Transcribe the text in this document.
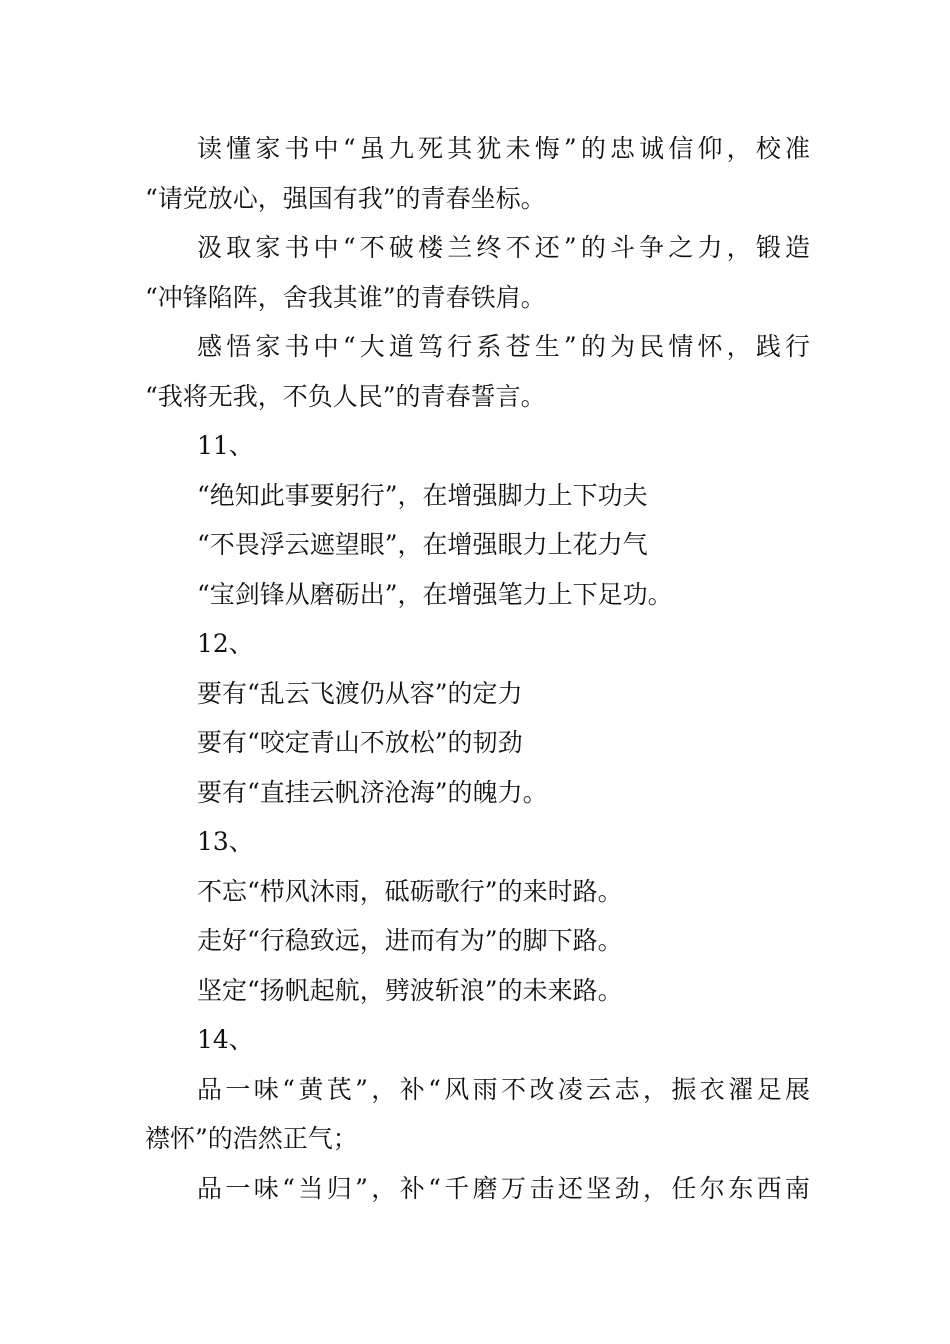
读懂家书中“虽九死其犹未悔”的忠诚信仰，校准
“请党放心，强国有我”的青春坐标。
汲取家书中“不破楼兰终不还”的斗争之力，锻造
“冲锋陷阵，舍我其谁”的青春铁肩。
感悟家书中“大道笃行系苍生”的为民情怀，践行
“我将无我，不负人民”的青春誓言。
11、
“绝知此事要躬行”，在增强脚力上下功夫
“不畏浮云遮望眼”，在增强眼力上花力气
“宝剑锋从磨砺出”，在增强笔力上下足功。
12、
要有“乱云飞渡仍从容”的定力
要有“咬定青山不放松”的韧劲
要有“直挂云帆济沧海”的魄力。
13、
不忘“栉风沐雨，砥砺歌行”的来时路。
走好“行稳致远，进而有为”的脚下路。
坚定“扬帆起航，劈波斩浪”的未来路。
14、
品一味“黄芪”，补“风雨不改凌云志，振衣濯足展
襟怀”的浩然正气；
品一味“当归”，补“千磨万击还坚劲，任尔东西南
